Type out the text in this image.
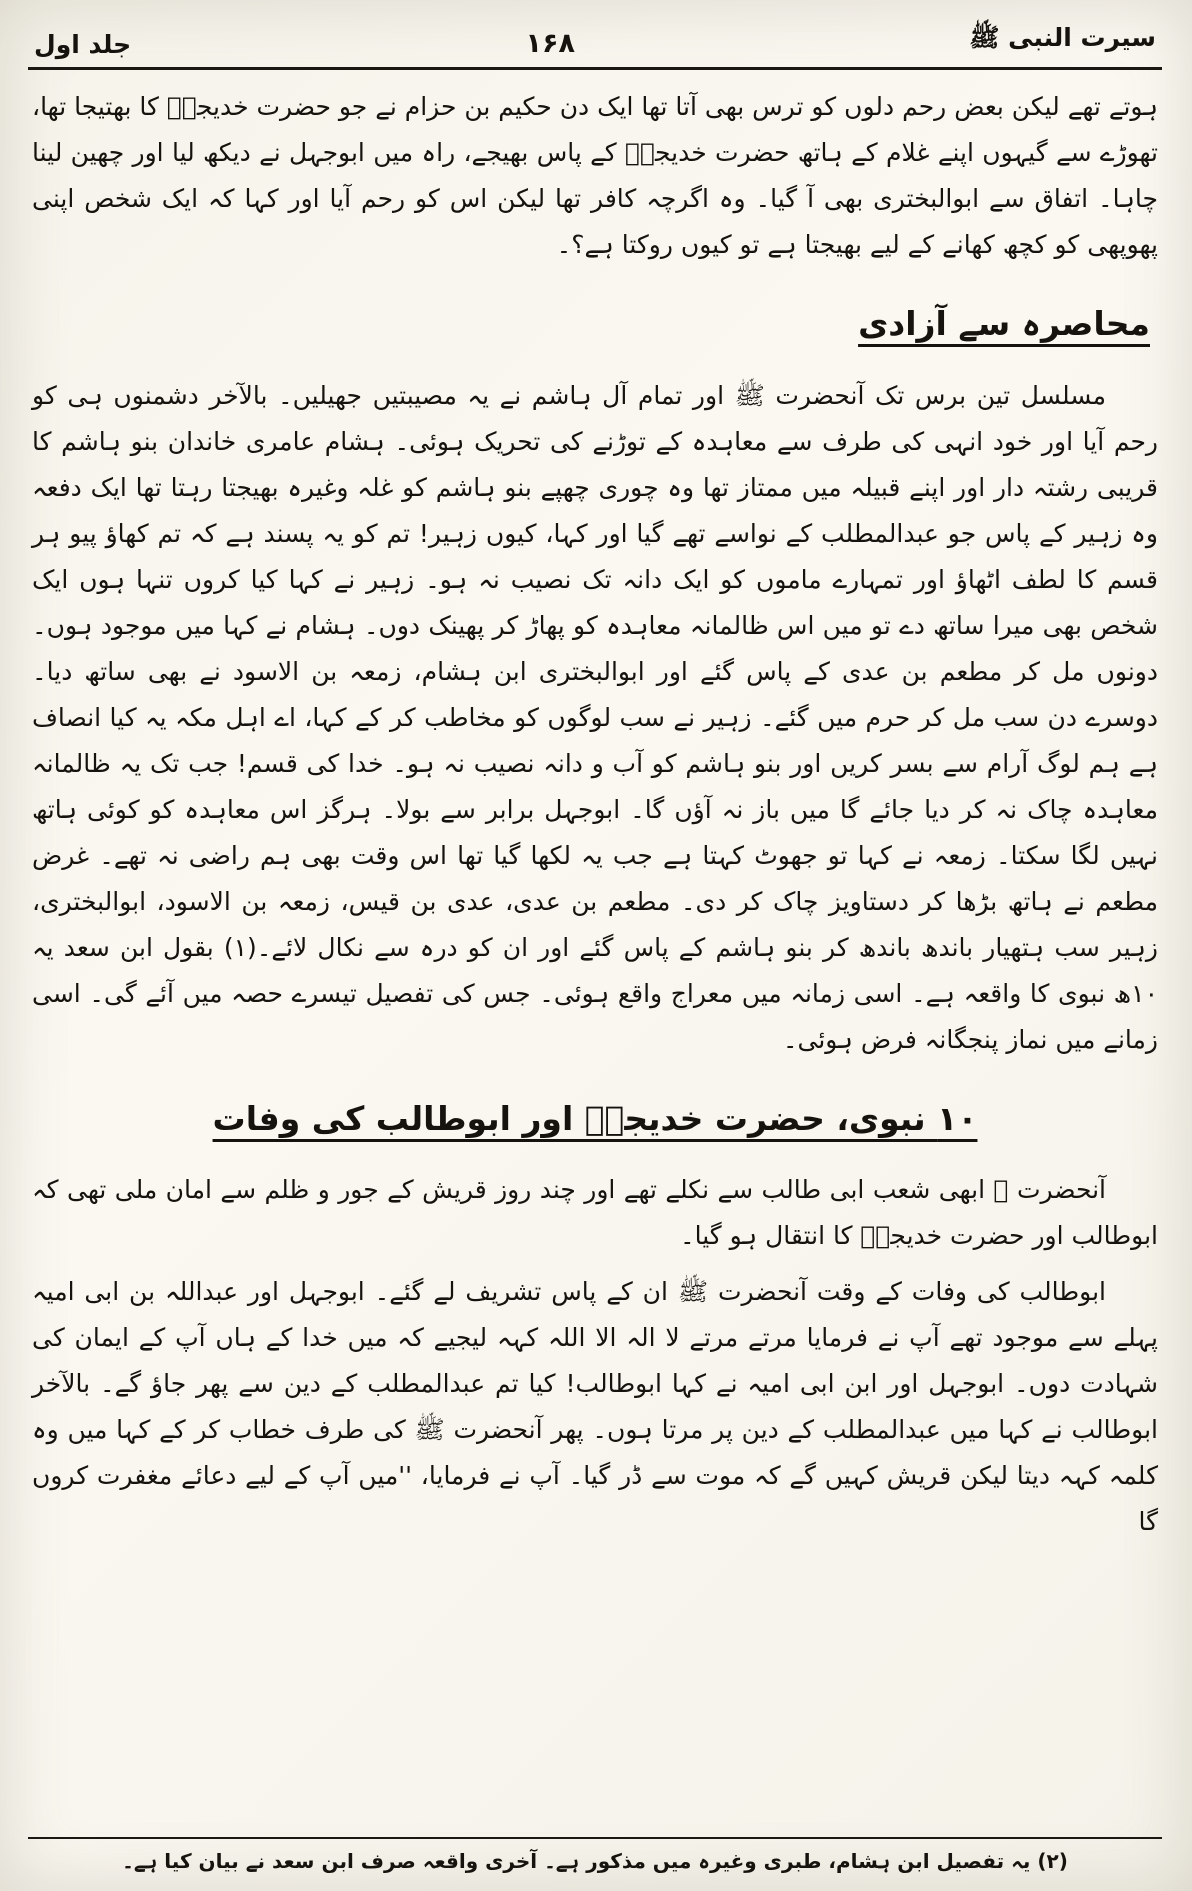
سیرت النبی ﷺ
۱۶۸
جلد اول

ہوتے تھے لیکن بعض رحم دلوں کو ترس بھی آتا تھا ایک دن حکیم بن حزام نے جو حضرت خدیجہؓ کا بھتیجا تھا، تھوڑے سے گیہوں اپنے غلام کے ہاتھ حضرت خدیجہؓ کے پاس بھیجے، راہ میں ابوجہل نے دیکھ لیا اور چھین لینا چاہا۔ اتفاق سے ابوالبختری بھی آ گیا۔ وہ اگرچہ کافر تھا لیکن اس کو رحم آیا اور کہا کہ ایک شخص اپنی پھوپھی کو کچھ کھانے کے لیے بھیجتا ہے تو کیوں روکتا ہے؟۔

محاصرہ سے آزادی

مسلسل تین برس تک آنحضرت ﷺ اور تمام آل ہاشم نے یہ مصیبتیں جھیلیں۔ بالآخر دشمنوں ہی کو رحم آیا اور خود انہی کی طرف سے معاہدہ کے توڑنے کی تحریک ہوئی۔ ہشام عامری خاندان بنو ہاشم کا قریبی رشتہ دار اور اپنے قبیلہ میں ممتاز تھا وہ چوری چھپے بنو ہاشم کو غلہ وغیرہ بھیجتا رہتا تھا ایک دفعہ وہ زہیر کے پاس جو عبدالمطلب کے نواسے تھے گیا اور کہا، کیوں زہیر! تم کو یہ پسند ہے کہ تم کھاؤ پیو ہر قسم کا لطف اٹھاؤ اور تمہارے ماموں کو ایک دانہ تک نصیب نہ ہو۔ زہیر نے کہا کیا کروں تنہا ہوں ایک شخص بھی میرا ساتھ دے تو میں اس ظالمانہ معاہدہ کو پھاڑ کر پھینک دوں۔ ہشام نے کہا میں موجود ہوں۔ دونوں مل کر مطعم بن عدی کے پاس گئے اور ابوالبختری ابن ہشام، زمعہ بن الاسود نے بھی ساتھ دیا۔ دوسرے دن سب مل کر حرم میں گئے۔ زہیر نے سب لوگوں کو مخاطب کر کے کہا، اے اہل مکہ یہ کیا انصاف ہے ہم لوگ آرام سے بسر کریں اور بنو ہاشم کو آب و دانہ نصیب نہ ہو۔ خدا کی قسم! جب تک یہ ظالمانہ معاہدہ چاک نہ کر دیا جائے گا میں باز نہ آؤں گا۔ ابوجہل برابر سے بولا۔ ہرگز اس معاہدہ کو کوئی ہاتھ نہیں لگا سکتا۔ زمعہ نے کہا تو جھوٹ کہتا ہے جب یہ لکھا گیا تھا اس وقت بھی ہم راضی نہ تھے۔ غرض مطعم نے ہاتھ بڑھا کر دستاویز چاک کر دی۔ مطعم بن عدی، عدی بن قیس، زمعہ بن الاسود، ابوالبختری، زہیر سب ہتھیار باندھ باندھ کر بنو ہاشم کے پاس گئے اور ان کو درہ سے نکال لائے۔(۱) بقول ابن سعد یہ ۱۰ھ نبوی کا واقعہ ہے۔ اسی زمانہ میں معراج واقع ہوئی۔ جس کی تفصیل تیسرے حصہ میں آئے گی۔ اسی زمانے میں نماز پنجگانہ فرض ہوئی۔

۱۰ نبوی، حضرت خدیجہؓ اور ابوطالب کی وفات

آنحضرت ﷺ ابھی شعب ابی طالب سے نکلے تھے اور چند روز قریش کے جور و ظلم سے امان ملی تھی کہ ابوطالب اور حضرت خدیجہؓ کا انتقال ہو گیا۔

ابوطالب کی وفات کے وقت آنحضرت ﷺ ان کے پاس تشریف لے گئے۔ ابوجہل اور عبداللہ بن ابی امیہ پہلے سے موجود تھے آپ نے فرمایا مرتے مرتے لا الہ الا اللہ کہہ لیجیے کہ میں خدا کے ہاں آپ کے ایمان کی شہادت دوں۔ ابوجہل اور ابن ابی امیہ نے کہا ابوطالب! کیا تم عبدالمطلب کے دین سے پھر جاؤ گے۔ بالآخر ابوطالب نے کہا میں عبدالمطلب کے دین پر مرتا ہوں۔ پھر آنحضرت ﷺ کی طرف خطاب کر کے کہا میں وہ کلمہ کہہ دیتا لیکن قریش کہیں گے کہ موت سے ڈر گیا۔ آپ نے فرمایا، ''میں آپ کے لیے دعائے مغفرت کروں گا

(۲) یہ تفصیل ابن ہشام، طبری وغیرہ میں مذکور ہے۔ آخری واقعہ صرف ابن سعد نے بیان کیا ہے۔
